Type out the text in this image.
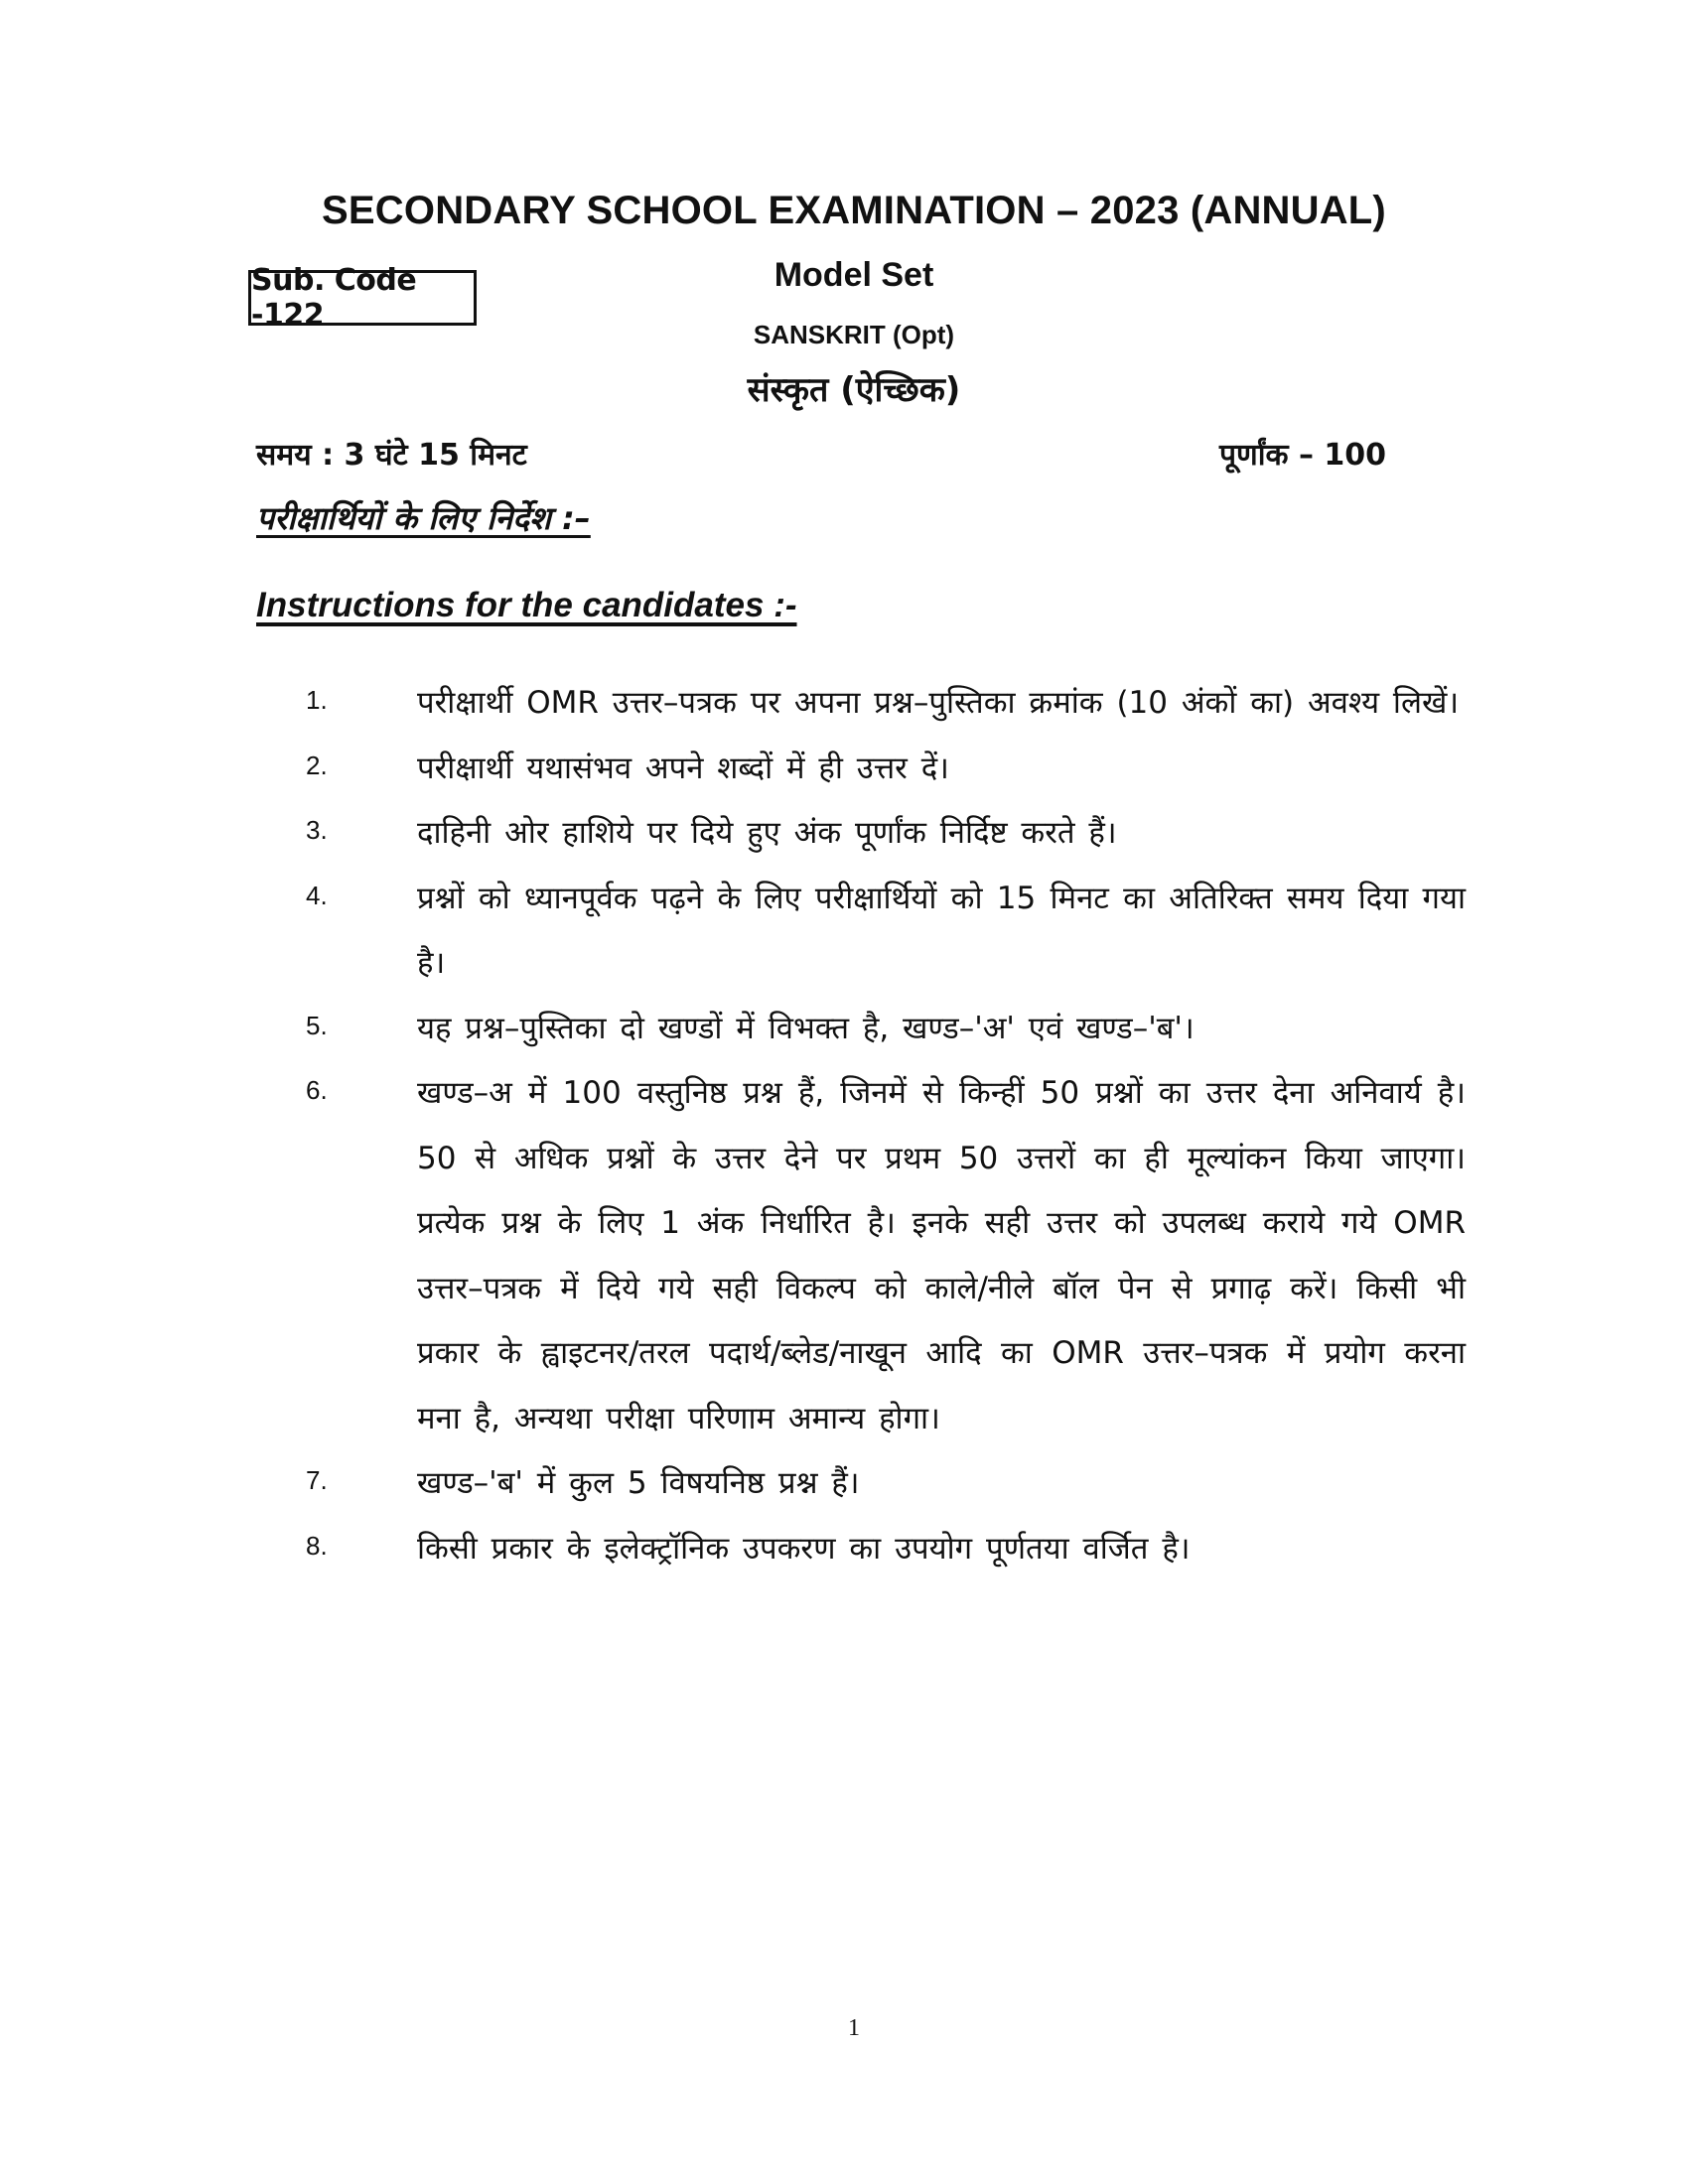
SECONDARY SCHOOL EXAMINATION – 2023 (ANNUAL)
Sub. Code -122
Model Set
SANSKRIT (Opt)
संस्कृत (ऐच्छिक)
समय : 3 घंटे 15 मिनट	पूर्णांक – 100
परीक्षार्थियों के लिए निर्देश :–
Instructions for the candidates :-
1.	परीक्षार्थी OMR उत्तर–पत्रक पर अपना प्रश्न–पुस्तिका क्रमांक (10 अंकों का) अवश्य लिखें।
2.	परीक्षार्थी यथासंभव अपने शब्दों में ही उत्तर दें।
3.	दाहिनी ओर हाशिये पर दिये हुए अंक पूर्णांक निर्दिष्ट करते हैं।
4.	प्रश्नों को ध्यानपूर्वक पढ़ने के लिए परीक्षार्थियों को 15 मिनट का अतिरिक्त समय दिया गया है।
5.	यह प्रश्न–पुस्तिका दो खण्डों में विभक्त है, खण्ड–'अ' एवं खण्ड–'ब'।
6.	खण्ड–अ में 100 वस्तुनिष्ठ प्रश्न हैं, जिनमें से किन्हीं 50 प्रश्नों का उत्तर देना अनिवार्य है। 50 से अधिक प्रश्नों के उत्तर देने पर प्रथम 50 उत्तरों का ही मूल्यांकन किया जाएगा। प्रत्येक प्रश्न के लिए 1 अंक निर्धारित है। इनके सही उत्तर को उपलब्ध कराये गये OMR उत्तर–पत्रक में दिये गये सही विकल्प को काले/नीले बॉल पेन से प्रगाढ़ करें। किसी भी प्रकार के ह्वाइटनर/तरल पदार्थ/ब्लेड/नाखून आदि का OMR उत्तर–पत्रक में प्रयोग करना मना है, अन्यथा परीक्षा परिणाम अमान्य होगा।
7.	खण्ड–'ब' में कुल 5 विषयनिष्ठ प्रश्न हैं।
8.	किसी प्रकार के इलेक्ट्रॉनिक उपकरण का उपयोग पूर्णतया वर्जित है।
1
